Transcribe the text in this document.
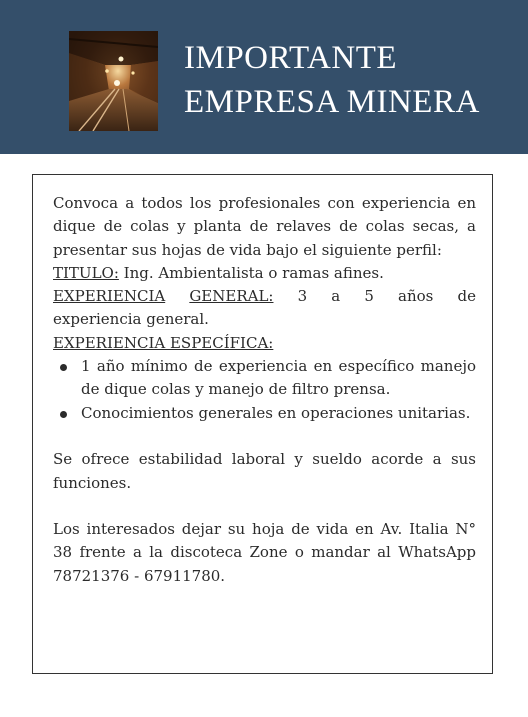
IMPORTANTE
EMPRESA MINERA

Convoca a todos los profesionales con experiencia en dique de colas y planta de relaves de colas secas, a presentar sus hojas de vida bajo el siguiente perfil:

TITULO: Ing. Ambientalista o ramas afines.

EXPERIENCIA GENERAL: 3 a 5 años de

experiencia general.

EXPERIENCIA ESPECÍFICA:

1 año mínimo de experiencia en específico manejo de dique colas y manejo de filtro prensa.
Conocimientos generales en operaciones unitarias.

Se ofrece estabilidad laboral y sueldo acorde a sus funciones.

Los interesados dejar su hoja de vida en Av. Italia N° 38 frente a la discoteca Zone o mandar al WhatsApp 78721376 - 67911780.
